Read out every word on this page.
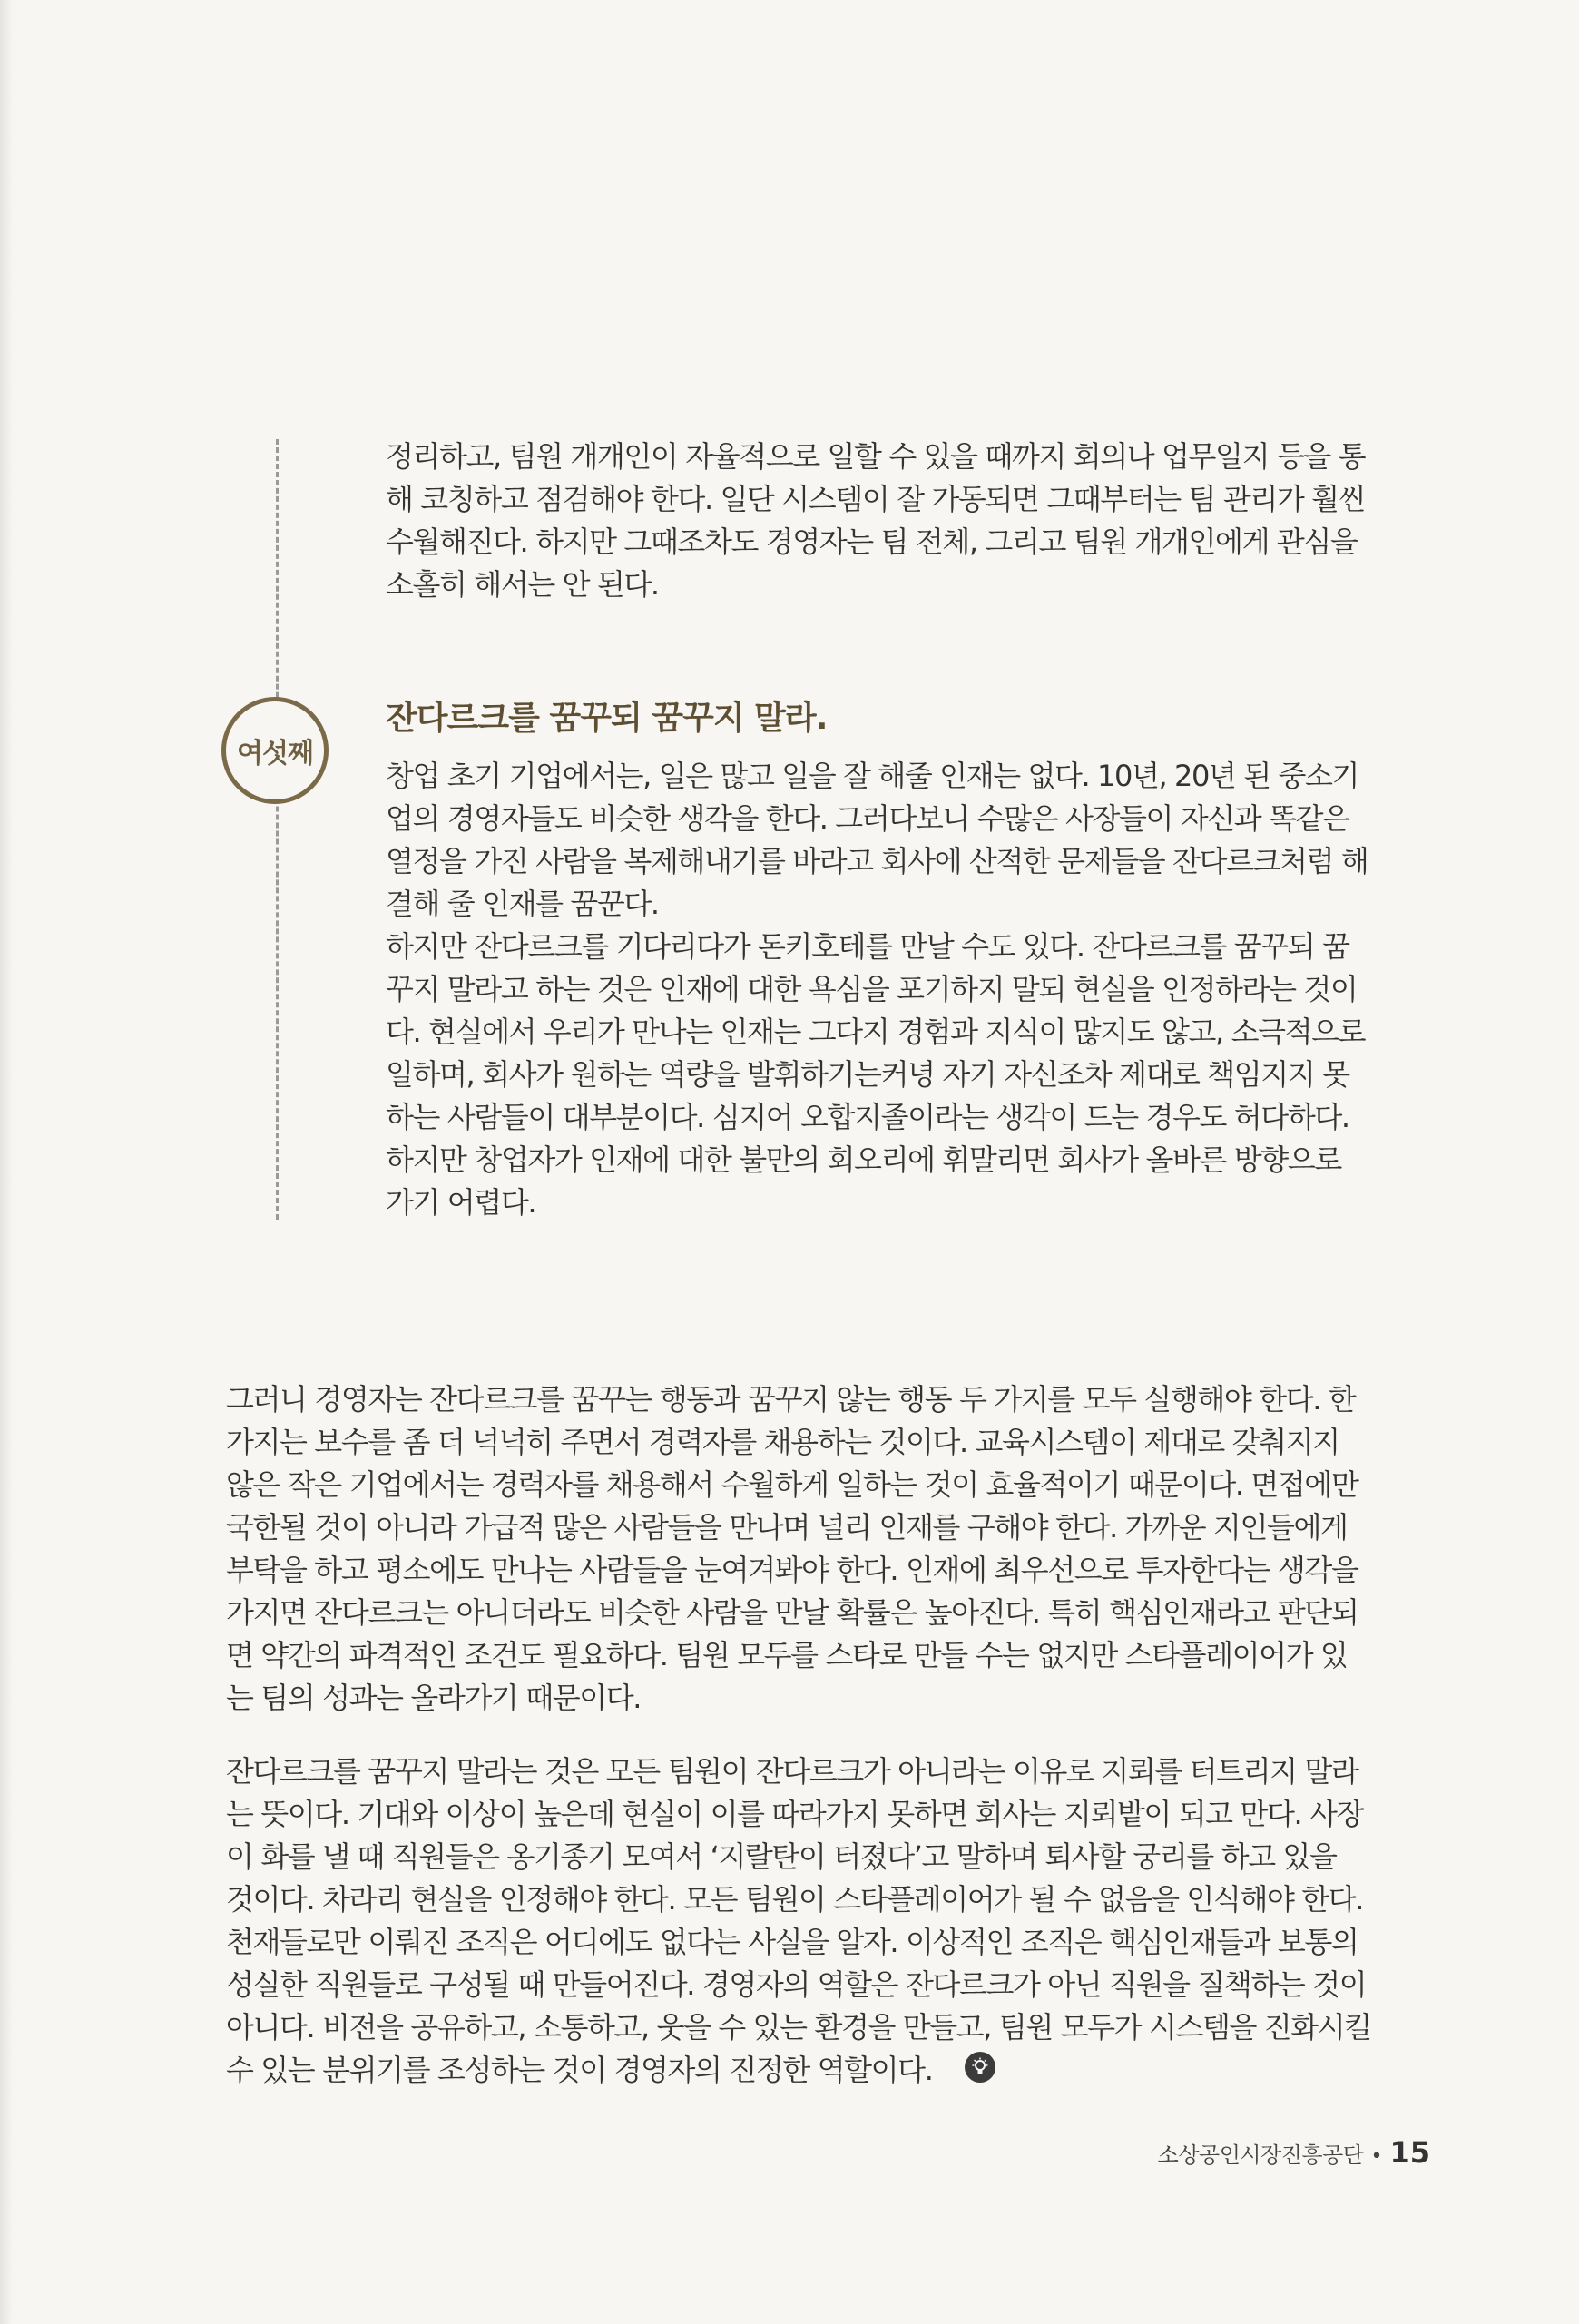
여섯째

정리하고, 팀원 개개인이 자율적으로 일할 수 있을 때까지 회의나 업무일지 등을 통
해 코칭하고 점검해야 한다. 일단 시스템이 잘 가동되면 그때부터는 팀 관리가 훨씬
수월해진다. 하지만 그때조차도 경영자는 팀 전체, 그리고 팀원 개개인에게 관심을
소홀히 해서는 안 된다.

잔다르크를 꿈꾸되 꿈꾸지 말라.

창업 초기 기업에서는, 일은 많고 일을 잘 해줄 인재는 없다. 10년, 20년 된 중소기
업의 경영자들도 비슷한 생각을 한다. 그러다보니 수많은 사장들이 자신과 똑같은
열정을 가진 사람을 복제해내기를 바라고 회사에 산적한 문제들을 잔다르크처럼 해
결해 줄 인재를 꿈꾼다.
하지만 잔다르크를 기다리다가 돈키호테를 만날 수도 있다. 잔다르크를 꿈꾸되 꿈
꾸지 말라고 하는 것은 인재에 대한 욕심을 포기하지 말되 현실을 인정하라는 것이
다. 현실에서 우리가 만나는 인재는 그다지 경험과 지식이 많지도 않고, 소극적으로
일하며, 회사가 원하는 역량을 발휘하기는커녕 자기 자신조차 제대로 책임지지 못
하는 사람들이 대부분이다. 심지어 오합지졸이라는 생각이 드는 경우도 허다하다.
하지만 창업자가 인재에 대한 불만의 회오리에 휘말리면 회사가 올바른 방향으로
가기 어렵다.

그러니 경영자는 잔다르크를 꿈꾸는 행동과 꿈꾸지 않는 행동 두 가지를 모두 실행해야 한다. 한
가지는 보수를 좀 더 넉넉히 주면서 경력자를 채용하는 것이다. 교육시스템이 제대로 갖춰지지
않은 작은 기업에서는 경력자를 채용해서 수월하게 일하는 것이 효율적이기 때문이다. 면접에만
국한될 것이 아니라 가급적 많은 사람들을 만나며 널리 인재를 구해야 한다. 가까운 지인들에게
부탁을 하고 평소에도 만나는 사람들을 눈여겨봐야 한다. 인재에 최우선으로 투자한다는 생각을
가지면 잔다르크는 아니더라도 비슷한 사람을 만날 확률은 높아진다. 특히 핵심인재라고 판단되
면 약간의 파격적인 조건도 필요하다. 팀원 모두를 스타로 만들 수는 없지만 스타플레이어가 있
는 팀의 성과는 올라가기 때문이다.

잔다르크를 꿈꾸지 말라는 것은 모든 팀원이 잔다르크가 아니라는 이유로 지뢰를 터트리지 말라
는 뜻이다. 기대와 이상이 높은데 현실이 이를 따라가지 못하면 회사는 지뢰밭이 되고 만다. 사장
이 화를 낼 때 직원들은 옹기종기 모여서 ‘지랄탄이 터졌다’고 말하며 퇴사할 궁리를 하고 있을
것이다. 차라리 현실을 인정해야 한다. 모든 팀원이 스타플레이어가 될 수 없음을 인식해야 한다.
천재들로만 이뤄진 조직은 어디에도 없다는 사실을 알자. 이상적인 조직은 핵심인재들과 보통의
성실한 직원들로 구성될 때 만들어진다. 경영자의 역할은 잔다르크가 아닌 직원을 질책하는 것이
아니다. 비전을 공유하고, 소통하고, 웃을 수 있는 환경을 만들고, 팀원 모두가 시스템을 진화시킬
수 있는 분위기를 조성하는 것이 경영자의 진정한 역할이다.

소상공인시장진흥공단 • 15
